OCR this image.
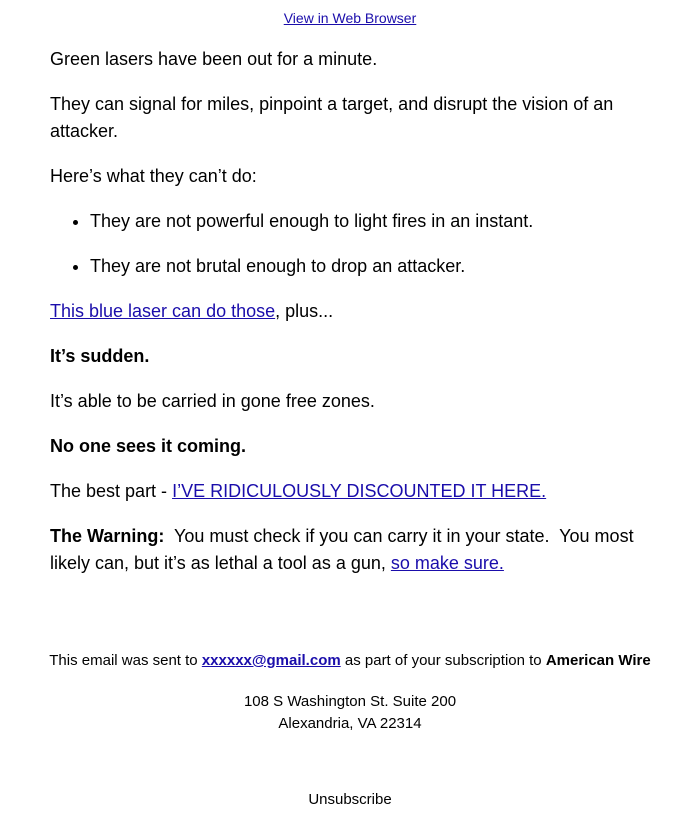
View in Web Browser

Green lasers have been out for a minute.

They can signal for miles, pinpoint a target, and disrupt the vision of an attacker.

Here’s what they can’t do:

• They are not powerful enough to light fires in an instant.
• They are not brutal enough to drop an attacker.

This blue laser can do those, plus...

It’s sudden.

It’s able to be carried in gone free zones.

No one sees it coming.

The best part - I’VE RIDICULOUSLY DISCOUNTED IT HERE.

The Warning:  You must check if you can carry it in your state.  You most likely can, but it’s as lethal a tool as a gun, so make sure.

This email was sent to xxxxxx@gmail.com as part of your subscription to American Wire
108 S Washington St. Suite 200
Alexandria, VA 22314
Unsubscribe
